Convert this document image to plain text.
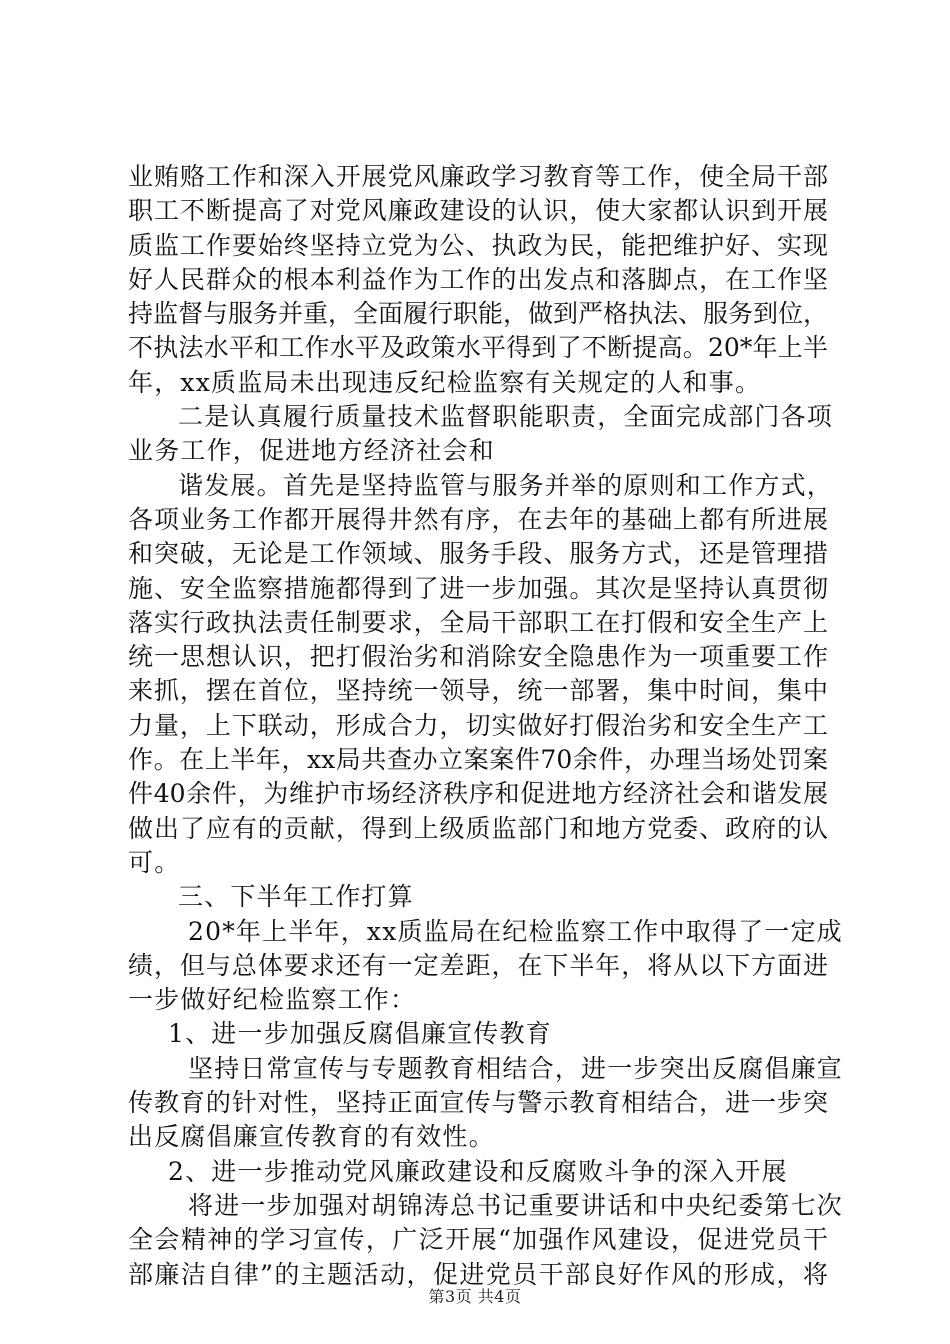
业贿赂工作和深入开展党风廉政学习教育等工作，使全局干部
职工不断提高了对党风廉政建设的认识，使大家都认识到开展
质监工作要始终坚持立党为公、执政为民，能把维护好、实现
好人民群众的根本利益作为工作的出发点和落脚点，在工作坚
持监督与服务并重，全面履行职能，做到严格执法、服务到位，
不执法水平和工作水平及政策水平得到了不断提高。20*年上半
年，xx质监局未出现违反纪检监察有关规定的人和事。
二是认真履行质量技术监督职能职责，全面完成部门各项
业务工作，促进地方经济社会和
谐发展。首先是坚持监管与服务并举的原则和工作方式，
各项业务工作都开展得井然有序，在去年的基础上都有所进展
和突破，无论是工作领域、服务手段、服务方式，还是管理措
施、安全监察措施都得到了进一步加强。其次是坚持认真贯彻
落实行政执法责任制要求，全局干部职工在打假和安全生产上
统一思想认识，把打假治劣和消除安全隐患作为一项重要工作
来抓，摆在首位，坚持统一领导，统一部署，集中时间，集中
力量，上下联动，形成合力，切实做好打假治劣和安全生产工
作。在上半年，xx局共查办立案案件70余件，办理当场处罚案
件40余件，为维护市场经济秩序和促进地方经济社会和谐发展
做出了应有的贡献，得到上级质监部门和地方党委、政府的认
可。
三、下半年工作打算
20*年上半年，xx质监局在纪检监察工作中取得了一定成
绩，但与总体要求还有一定差距，在下半年，将从以下方面进
一步做好纪检监察工作：
1、进一步加强反腐倡廉宣传教育
坚持日常宣传与专题教育相结合，进一步突出反腐倡廉宣
传教育的针对性，坚持正面宣传与警示教育相结合，进一步突
出反腐倡廉宣传教育的有效性。
2、进一步推动党风廉政建设和反腐败斗争的深入开展
将进一步加强对胡锦涛总书记重要讲话和中央纪委第七次
全会精神的学习宣传，广泛开展“加强作风建设，促进党员干
部廉洁自律”的主题活动，促进党员干部良好作风的形成，将
第3页 共4页
